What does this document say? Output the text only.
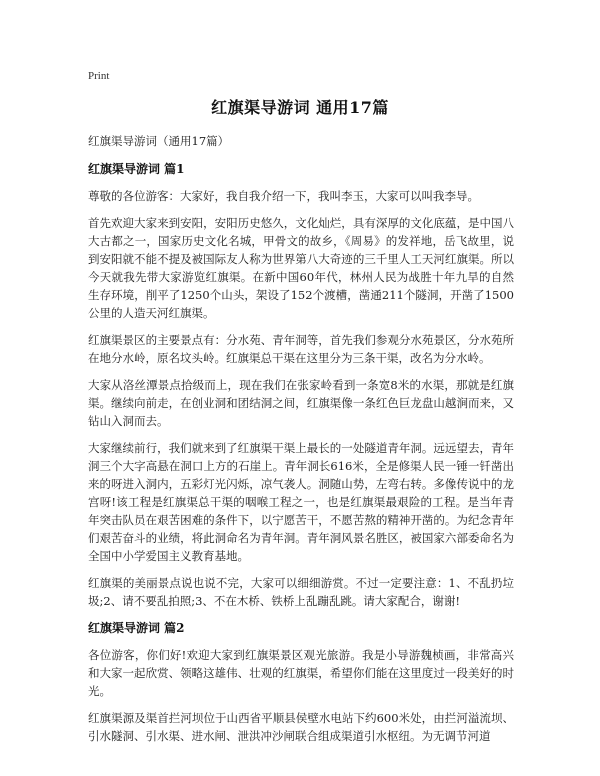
Print
红旗渠导游词 通用17篇

红旗渠导游词（通用17篇）

红旗渠导游词 篇1

尊敬的各位游客：大家好，我自我介绍一下，我叫李玉，大家可以叫我李导。

首先欢迎大家来到安阳，安阳历史悠久，文化灿烂，具有深厚的文化底蕴，是中国八大古都之一，国家历史文化名城，甲骨文的故乡，《周易》的发祥地，岳飞故里，说到安阳就不能不提及被国际友人称为世界第八大奇迹的三千里人工天河红旗渠。所以今天就我先带大家游览红旗渠。在新中国60年代，林州人民为战胜十年九旱的自然生存环境，削平了1250个山头，架设了152个渡槽，凿通211个隧洞，开凿了1500公里的人造天河红旗渠。

红旗渠景区的主要景点有：分水苑、青年洞等，首先我们参观分水苑景区，分水苑所在地分水岭，原名坟头岭。红旗渠总干渠在这里分为三条干渠，改名为分水岭。

大家从洛丝潭景点拾级而上，现在我们在张家岭看到一条宽8米的水渠，那就是红旗渠。继续向前走，在创业洞和团结洞之间，红旗渠像一条红色巨龙盘山越涧而来，又钻山入洞而去。

大家继续前行，我们就来到了红旗渠干渠上最长的一处隧道青年洞。远远望去，青年洞三个大字高悬在洞口上方的石崖上。青年洞长616米，全是修渠人民一锤一钎凿出来的呀进入洞内，五彩灯光闪烁，凉气袭人。洞随山势，左弯右转。多像传说中的龙宫呀!该工程是红旗渠总干渠的咽喉工程之一，也是红旗渠最艰险的工程。是当年青年突击队员在艰苦困难的条件下，以宁愿苦干，不愿苦熬的精神开凿的。为纪念青年们艰苦奋斗的业绩，将此洞命名为青年洞。青年洞风景名胜区，被国家六部委命名为全国中小学爱国主义教育基地。

红旗渠的美丽景点说也说不完，大家可以细细游赏。不过一定要注意：1、不乱扔垃圾;2、请不要乱拍照;3、不在木桥、铁桥上乱蹦乱跳。请大家配合，谢谢!

红旗渠导游词 篇2

各位游客，你们好!欢迎大家到红旗渠景区观光旅游。我是小导游魏桢画，非常高兴和大家一起欣赏、领略这雄伟、壮观的红旗渠，希望你们能在这里度过一段美好的时光。

红旗渠源及渠首拦河坝位于山西省平顺县侯壁水电站下约600米处，由拦河溢流坝、引水隧洞、引水渠、进水闸、泄洪冲沙闸联合组成渠道引水枢纽。为无调节河道
